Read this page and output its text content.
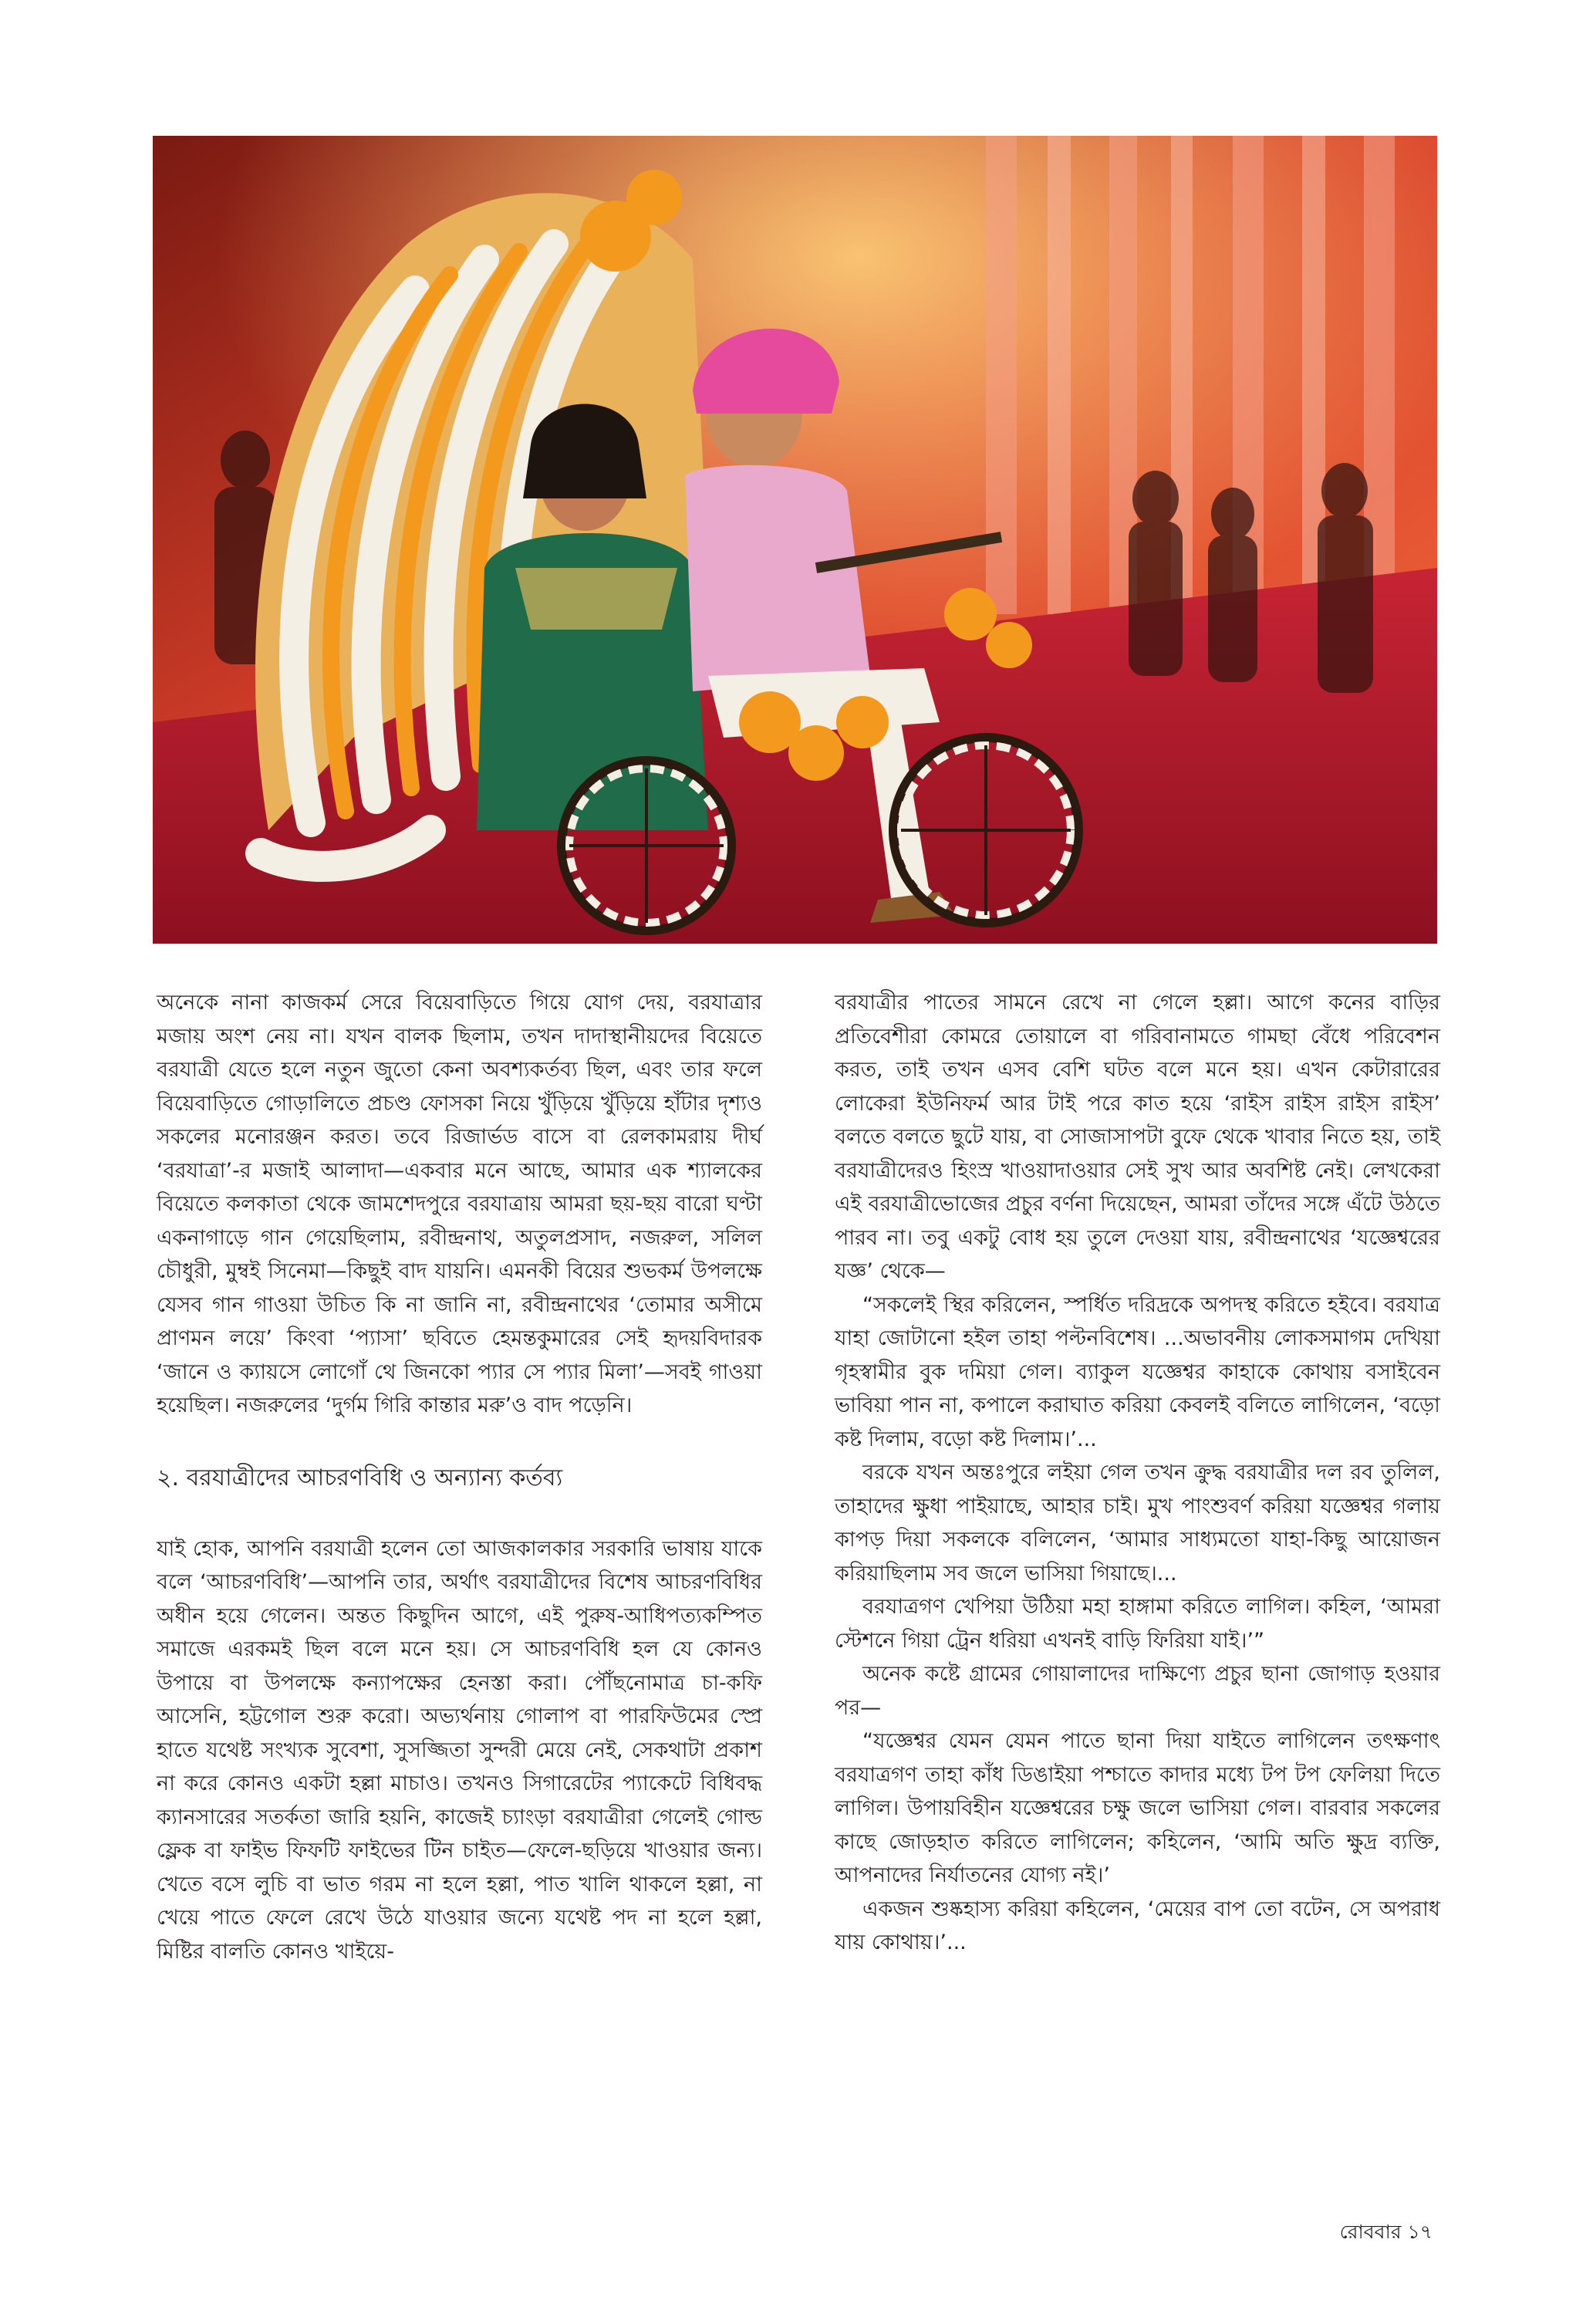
অনেকে নানা কাজকর্ম সেরে বিয়েবাড়িতে গিয়ে যোগ দেয়, বরযাত্রার মজায় অংশ নেয় না। যখন বালক ছিলাম, তখন দাদাস্থানীয়দের বিয়েতে বরযাত্রী যেতে হলে নতুন জুতো কেনা অবশ্যকর্তব্য ছিল, এবং তার ফলে বিয়েবাড়িতে গোড়ালিতে প্রচণ্ড ফোসকা নিয়ে খুঁড়িয়ে খুঁড়িয়ে হাঁটার দৃশ্যও সকলের মনোরঞ্জন করত। তবে রিজার্ভড বাসে বা রেলকামরায় দীর্ঘ ‘বরযাত্রা’-র মজাই আলাদা—একবার মনে আছে, আমার এক শ্যালকের বিয়েতে কলকাতা থেকে জামশেদপুরে বরযাত্রায় আমরা ছয়-ছয় বারো ঘণ্টা একনাগাড়ে গান গেয়েছিলাম, রবীন্দ্রনাথ, অতুলপ্রসাদ, নজরুল, সলিল চৌধুরী, মুম্বই সিনেমা—কিছুই বাদ যায়নি। এমনকী বিয়ের শুভকর্ম উপলক্ষে যেসব গান গাওয়া উচিত কি না জানি না, রবীন্দ্রনাথের ‘তোমার অসীমে প্রাণমন লয়ে’ কিংবা ‘প্যাসা’ ছবিতে হেমন্তকুমারের সেই হৃদয়বিদারক ‘জানে ও ক্যায়সে লোগোঁ থে জিনকো প্যার সে প্যার মিলা’—সবই গাওয়া হয়েছিল। নজরুলের ‘দুর্গম গিরি কান্তার মরু’ও বাদ পড়েনি।

২. বরযাত্রীদের আচরণবিধি ও অন্যান্য কর্তব্য

যাই হোক, আপনি বরযাত্রী হলেন তো আজকালকার সরকারি ভাষায় যাকে বলে ‘আচরণবিধি’—আপনি তার, অর্থাৎ বরযাত্রীদের বিশেষ আচরণবিধির অধীন হয়ে গেলেন। অন্তত কিছুদিন আগে, এই পুরুষ-আধিপত্যকম্পিত সমাজে এরকমই ছিল বলে মনে হয়। সে আচরণবিধি হল যে কোনও উপায়ে বা উপলক্ষে কন্যাপক্ষের হেনস্তা করা। পৌঁছনোমাত্র চা-কফি আসেনি, হট্টগোল শুরু করো। অভ্যর্থনায় গোলাপ বা পারফিউমের স্প্রে হাতে যথেষ্ট সংখ্যক সুবেশা, সুসজ্জিতা সুন্দরী মেয়ে নেই, সেকথাটা প্রকাশ না করে কোনও একটা হল্লা মাচাও। তখনও সিগারেটের প্যাকেটে বিধিবদ্ধ ক্যানসারের সতর্কতা জারি হয়নি, কাজেই চ্যাংড়া বরযাত্রীরা গেলেই গোল্ড ফ্লেক বা ফাইভ ফিফটি ফাইভের টিন চাইত—ফেলে-ছড়িয়ে খাওয়ার জন্য। খেতে বসে লুচি বা ভাত গরম না হলে হল্লা, পাত খালি থাকলে হল্লা, না খেয়ে পাতে ফেলে রেখে উঠে যাওয়ার জন্যে যথেষ্ট পদ না হলে হল্লা, মিষ্টির বালতি কোনও খাইয়ে-

বরযাত্রীর পাতের সামনে রেখে না গেলে হল্লা। আগে কনের বাড়ির প্রতিবেশীরা কোমরে তোয়ালে বা গরিবানামতে গামছা বেঁধে পরিবেশন করত, তাই তখন এসব বেশি ঘটত বলে মনে হয়। এখন কেটারারের লোকেরা ইউনিফর্ম আর টাই পরে কাত হয়ে ‘রাইস রাইস রাইস রাইস’ বলতে বলতে ছুটে যায়, বা সোজাসাপটা বুফে থেকে খাবার নিতে হয়, তাই বরযাত্রীদেরও হিংস্র খাওয়াদাওয়ার সেই সুখ আর অবশিষ্ট নেই। লেখকেরা এই বরযাত্রীভোজের প্রচুর বর্ণনা দিয়েছেন, আমরা তাঁদের সঙ্গে এঁটে উঠতে পারব না। তবু একটু বোধ হয় তুলে দেওয়া যায়, রবীন্দ্রনাথের ‘যজ্ঞেশ্বরের যজ্ঞ’ থেকে—

“সকলেই স্থির করিলেন, স্পর্ধিত দরিদ্রকে অপদস্থ করিতে হইবে। বরযাত্র যাহা জোটানো হইল তাহা পল্টনবিশেষ। ...অভাবনীয় লোকসমাগম দেখিয়া গৃহস্বামীর বুক দমিয়া গেল। ব্যাকুল যজ্ঞেশ্বর কাহাকে কোথায় বসাইবেন ভাবিয়া পান না, কপালে করাঘাত করিয়া কেবলই বলিতে লাগিলেন, ‘বড়ো কষ্ট দিলাম, বড়ো কষ্ট দিলাম।’...

বরকে যখন অন্তঃপুরে লইয়া গেল তখন ক্রুদ্ধ বরযাত্রীর দল রব তুলিল, তাহাদের ক্ষুধা পাইয়াছে, আহার চাই। মুখ পাংশুবর্ণ করিয়া যজ্ঞেশ্বর গলায় কাপড় দিয়া সকলকে বলিলেন, ‘আমার সাধ্যমতো যাহা-কিছু আয়োজন করিয়াছিলাম সব জলে ভাসিয়া গিয়াছে।...

বরযাত্রগণ খেপিয়া উঠিয়া মহা হাঙ্গামা করিতে লাগিল। কহিল, ‘আমরা স্টেশনে গিয়া ট্রেন ধরিয়া এখনই বাড়ি ফিরিয়া যাই।’”

অনেক কষ্টে গ্রামের গোয়ালাদের দাক্ষিণ্যে প্রচুর ছানা জোগাড় হওয়ার পর—

“যজ্ঞেশ্বর যেমন যেমন পাতে ছানা দিয়া যাইতে লাগিলেন তৎক্ষণাৎ বরযাত্রগণ তাহা কাঁধ ডিঙাইয়া পশ্চাতে কাদার মধ্যে টপ টপ ফেলিয়া দিতে লাগিল। উপায়বিহীন যজ্ঞেশ্বরের চক্ষু জলে ভাসিয়া গেল। বারবার সকলের কাছে জোড়হাত করিতে লাগিলেন; কহিলেন, ‘আমি অতি ক্ষুদ্র ব্যক্তি, আপনাদের নির্যাতনের যোগ্য নই।’

একজন শুষ্কহাস্য করিয়া কহিলেন, ‘মেয়ের বাপ তো বটেন, সে অপরাধ যায় কোথায়।’...

রোববার ১৭
